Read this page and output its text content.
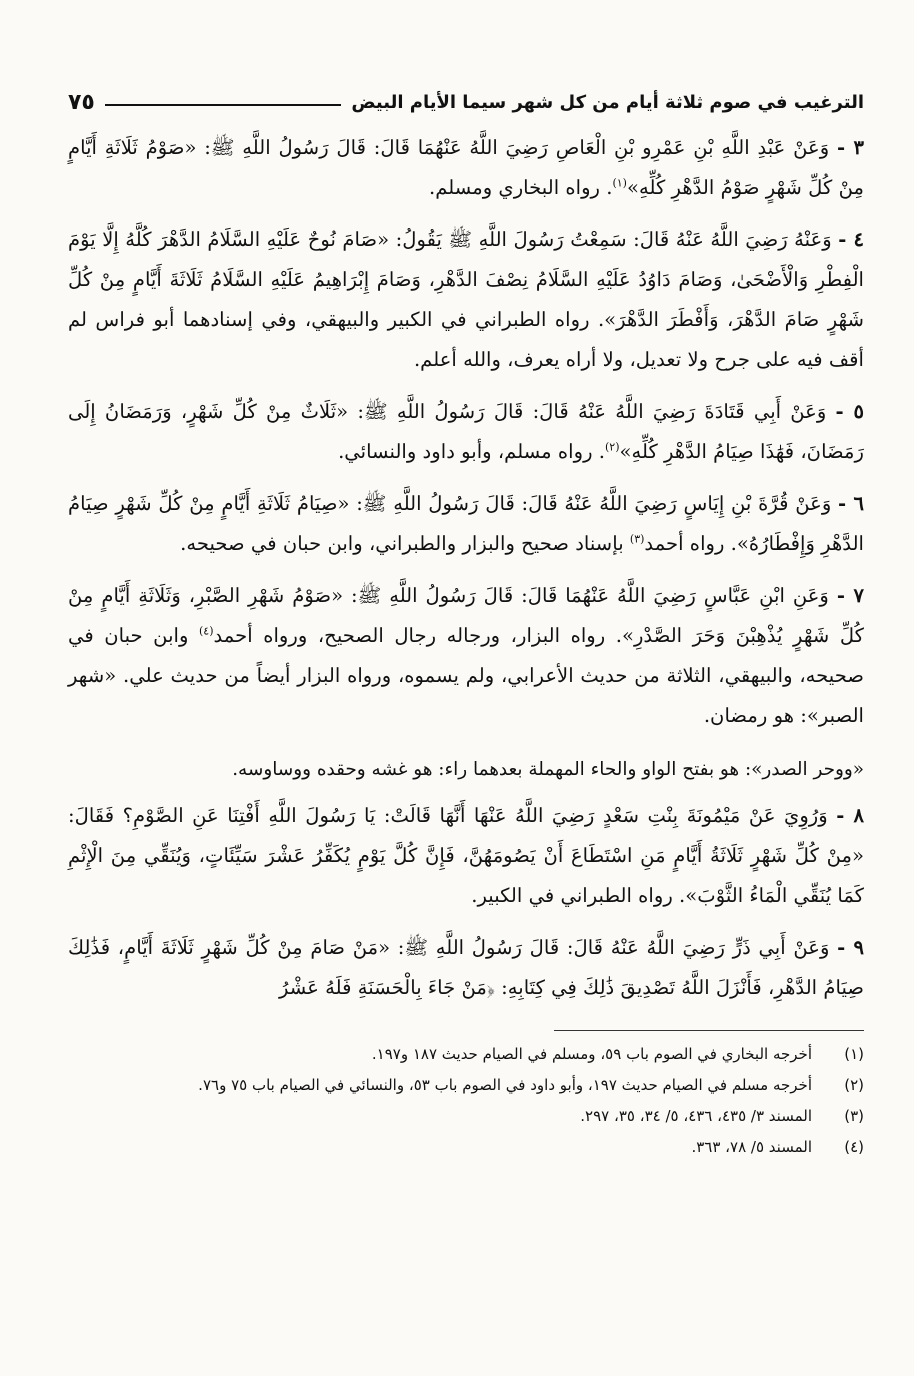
الترغيب في صوم ثلاثة أيام من كل شهر سيما الأيام البيض
٧٥

٣ - وَعَنْ عَبْدِ اللَّهِ بْنِ عَمْرِو بْنِ الْعَاصِ رَضِيَ اللَّهُ عَنْهُمَا قَالَ: قَالَ رَسُولُ اللَّهِ ﷺ: «صَوْمُ ثَلَاثَةِ أَيَّامٍ مِنْ كُلِّ شَهْرٍ صَوْمُ الدَّهْرِ كُلِّهِ»$^{(١)}$. رواه البخاري ومسلم.

٤ - وَعَنْهُ رَضِيَ اللَّهُ عَنْهُ قَالَ: سَمِعْتُ رَسُولَ اللَّهِ ﷺ يَقُولُ: «صَامَ نُوحٌ عَلَيْهِ السَّلَامُ الدَّهْرَ كُلَّهُ إِلَّا يَوْمَ الْفِطْرِ وَالْأَضْحَىٰ، وَصَامَ دَاوُدُ عَلَيْهِ السَّلَامُ نِصْفَ الدَّهْرِ، وَصَامَ إِبْرَاهِيمُ عَلَيْهِ السَّلَامُ ثَلَاثَةَ أَيَّامٍ مِنْ كُلِّ شَهْرٍ صَامَ الدَّهْرَ، وَأَفْطَرَ الدَّهْرَ». رواه الطبراني في الكبير والبيهقي، وفي إسنادهما أبو فراس لم أقف فيه على جرح ولا تعديل، ولا أراه يعرف، والله أعلم.

٥ - وَعَنْ أَبِي قَتَادَةَ رَضِيَ اللَّهُ عَنْهُ قَالَ: قَالَ رَسُولُ اللَّهِ ﷺ: «ثَلَاثٌ مِنْ كُلِّ شَهْرٍ، وَرَمَضَانُ إِلَى رَمَضَانَ، فَهَٰذَا صِيَامُ الدَّهْرِ كُلِّهِ»$^{(٢)}$. رواه مسلم، وأبو داود والنسائي.

٦ - وَعَنْ قُرَّةَ بْنِ إِيَاسٍ رَضِيَ اللَّهُ عَنْهُ قَالَ: قَالَ رَسُولُ اللَّهِ ﷺ: «صِيَامُ ثَلَاثَةِ أَيَّامٍ مِنْ كُلِّ شَهْرٍ صِيَامُ الدَّهْرِ وَإِفْطَارُهُ». رواه أحمد$^{(٣)}$ بإسناد صحيح والبزار والطبراني، وابن حبان في صحيحه.

٧ - وَعَنِ ابْنِ عَبَّاسٍ رَضِيَ اللَّهُ عَنْهُمَا قَالَ: قَالَ رَسُولُ اللَّهِ ﷺ: «صَوْمُ شَهْرِ الصَّبْرِ، وَثَلَاثَةِ أَيَّامٍ مِنْ كُلِّ شَهْرٍ يُذْهِبْنَ وَحَرَ الصَّدْرِ». رواه البزار، ورجاله رجال الصحيح، ورواه أحمد$^{(٤)}$ وابن حبان في صحيحه، والبيهقي، الثلاثة من حديث الأعرابي، ولم يسموه، ورواه البزار أيضاً من حديث علي. «شهر الصبر»: هو رمضان.

«ووحر الصدر»: هو بفتح الواو والحاء المهملة بعدهما راء: هو غشه وحقده ووساوسه.

٨ - وَرُوِيَ عَنْ مَيْمُونَةَ بِنْتِ سَعْدٍ رَضِيَ اللَّهُ عَنْهَا أَنَّهَا قَالَتْ: يَا رَسُولَ اللَّهِ أَفْتِنَا عَنِ الصَّوْمِ؟ فَقَالَ: «مِنْ كُلِّ شَهْرٍ ثَلَاثَةُ أَيَّامٍ مَنِ اسْتَطَاعَ أَنْ يَصُومَهُنَّ، فَإِنَّ كُلَّ يَوْمٍ يُكَفِّرُ عَشْرَ سَيِّئَاتٍ، وَيُنَقِّي مِنَ الْإِثْمِ كَمَا يُنَقِّي الْمَاءُ الثَّوْبَ». رواه الطبراني في الكبير.

٩ - وَعَنْ أَبِي ذَرٍّ رَضِيَ اللَّهُ عَنْهُ قَالَ: قَالَ رَسُولُ اللَّهِ ﷺ: «مَنْ صَامَ مِنْ كُلِّ شَهْرٍ ثَلَاثَةَ أَيَّامٍ، فَذَٰلِكَ صِيَامُ الدَّهْرِ، فَأَنْزَلَ اللَّهُ تَصْدِيقَ ذَٰلِكَ فِي كِتَابِهِ: ﴿مَنْ جَاءَ بِالْحَسَنَةِ فَلَهُ عَشْرُ

(١)
أخرجه البخاري في الصوم باب ٥٩، ومسلم في الصيام حديث ١٨٧ و١٩٧.
(٢)
أخرجه مسلم في الصيام حديث ١٩٧، وأبو داود في الصوم باب ٥٣، والنسائي في الصيام باب ٧٥ و٧٦.
(٣)
المسند ٣/ ٤٣٥، ٤٣٦، ٥/ ٣٤، ٣٥، ٢٩٧.
(٤)
المسند ٥/ ٧٨، ٣٦٣.
